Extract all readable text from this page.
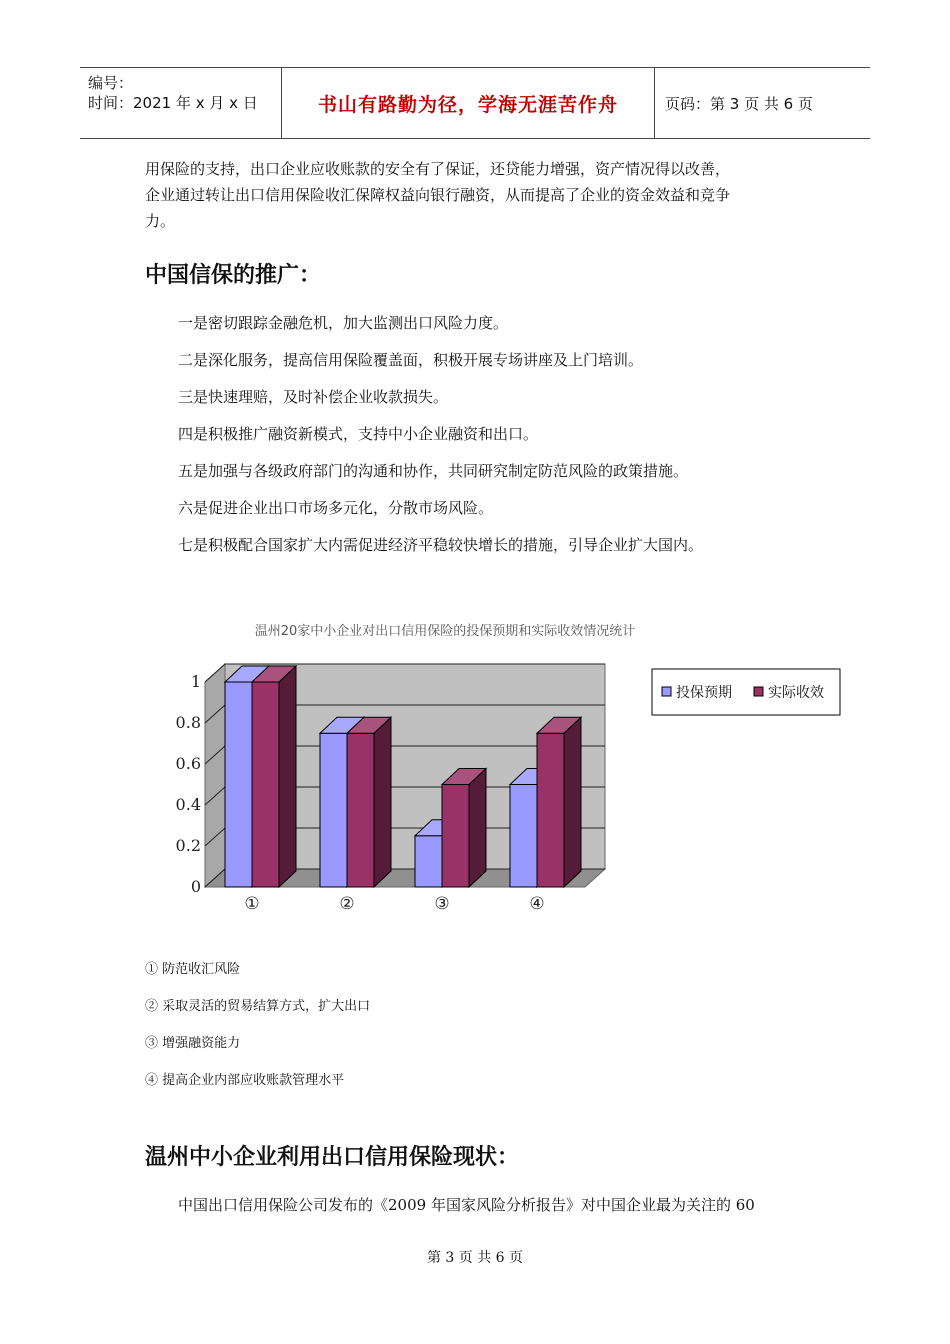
编号：
时间：2021 年 x 月 x 日	书山有路勤为径，学海无涯苦作舟	页码：第 3 页 共 6 页
用保险的支持，出口企业应收账款的安全有了保证，还贷能力增强，资产情况得以改善，
企业通过转让出口信用保险收汇保障权益向银行融资，从而提高了企业的资金效益和竞争
力。
中国信保的推广：
一是密切跟踪金融危机，加大监测出口风险力度。
二是深化服务，提高信用保险覆盖面，积极开展专场讲座及上门培训。
三是快速理赔，及时补偿企业收款损失。
四是积极推广融资新模式，支持中小企业融资和出口。
五是加强与各级政府部门的沟通和协作，共同研究制定防范风险的政策措施。
六是促进企业出口市场多元化，分散市场风险。
七是积极配合国家扩大内需促进经济平稳较快增长的措施，引导企业扩大国内。
温州20家中小企业对出口信用保险的投保预期和实际收效情况统计
0
0.2
0.4
0.6
0.8
1
①	②	③	④
投保预期	实际收效
① 防范收汇风险
② 采取灵活的贸易结算方式，扩大出口
③ 增强融资能力
④ 提高企业内部应收账款管理水平
温州中小企业利用出口信用保险现状：
中国出口信用保险公司发布的《2009 年国家风险分析报告》对中国企业最为关注的 60
第 3 页 共 6 页
